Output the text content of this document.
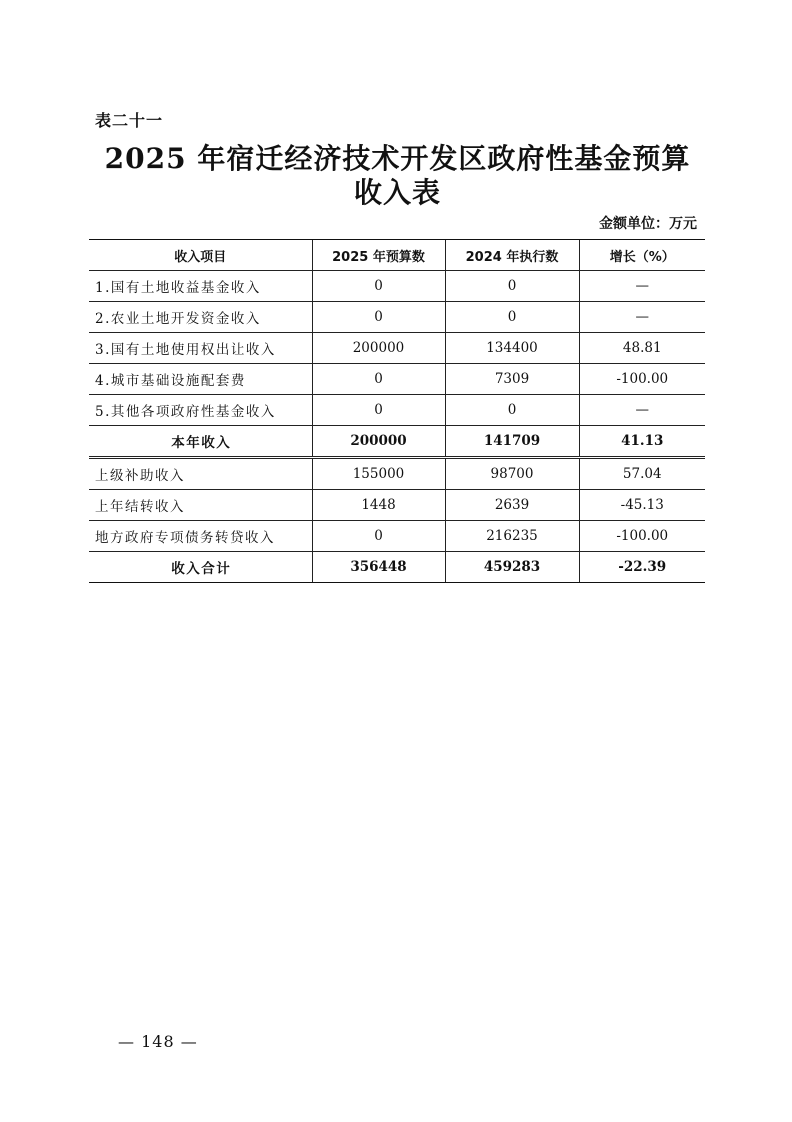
表二十一
2025 年宿迁经济技术开发区政府性基金预算
收入表
金额单位：万元
收入项目	2025 年预算数	2024 年执行数	增长（%）
1.国有土地收益基金收入	0	0	—
2.农业土地开发资金收入	0	0	—
3.国有土地使用权出让收入	200000	134400	48.81
4.城市基础设施配套费	0	7309	-100.00
5.其他各项政府性基金收入	0	0	—
本年收入	200000	141709	41.13
上级补助收入	155000	98700	57.04
上年结转收入	1448	2639	-45.13
地方政府专项债务转贷收入	0	216235	-100.00
收入合计	356448	459283	-22.39
— 148 —
